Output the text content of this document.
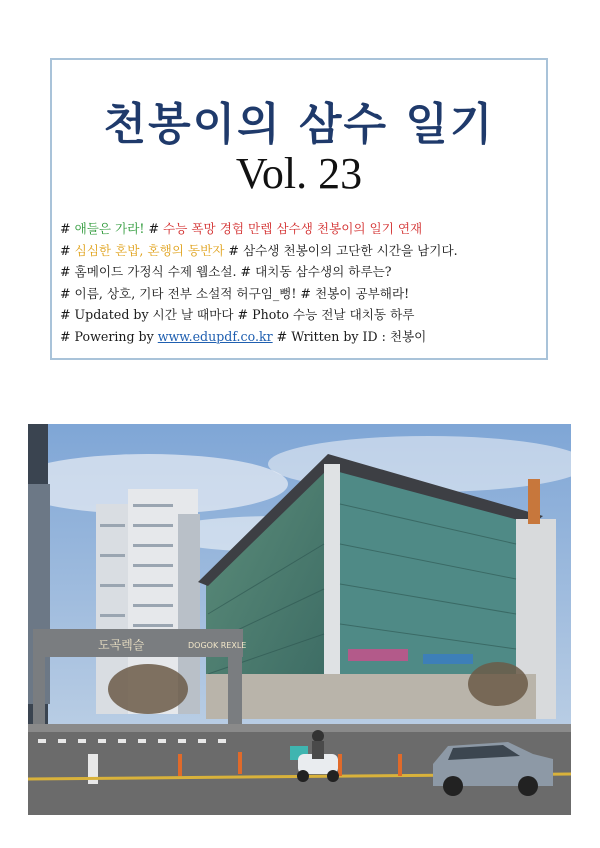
천봉이의 삼수 일기
Vol. 23
# 애들은 가라! # 수능 폭망 경험 만렙 삼수생 천봉이의 일기 연재
# 심심한 혼밥, 혼행의 동반자 # 삼수생 천봉이의 고단한 시간을 남기다.
# 홈메이드 가정식 수제 웹소설. # 대치동 삼수생의 하루는?
# 이름, 상호, 기타 전부 소설적 허구임_뻥! # 천봉이 공부해라!
# Updated by 시간 날 때마다 # Photo 수능 전날 대치동 하루
# Powering by www.edupdf.co.kr # Written by ID : 천봉이
도곡렉슬	DOGOK REXLE
